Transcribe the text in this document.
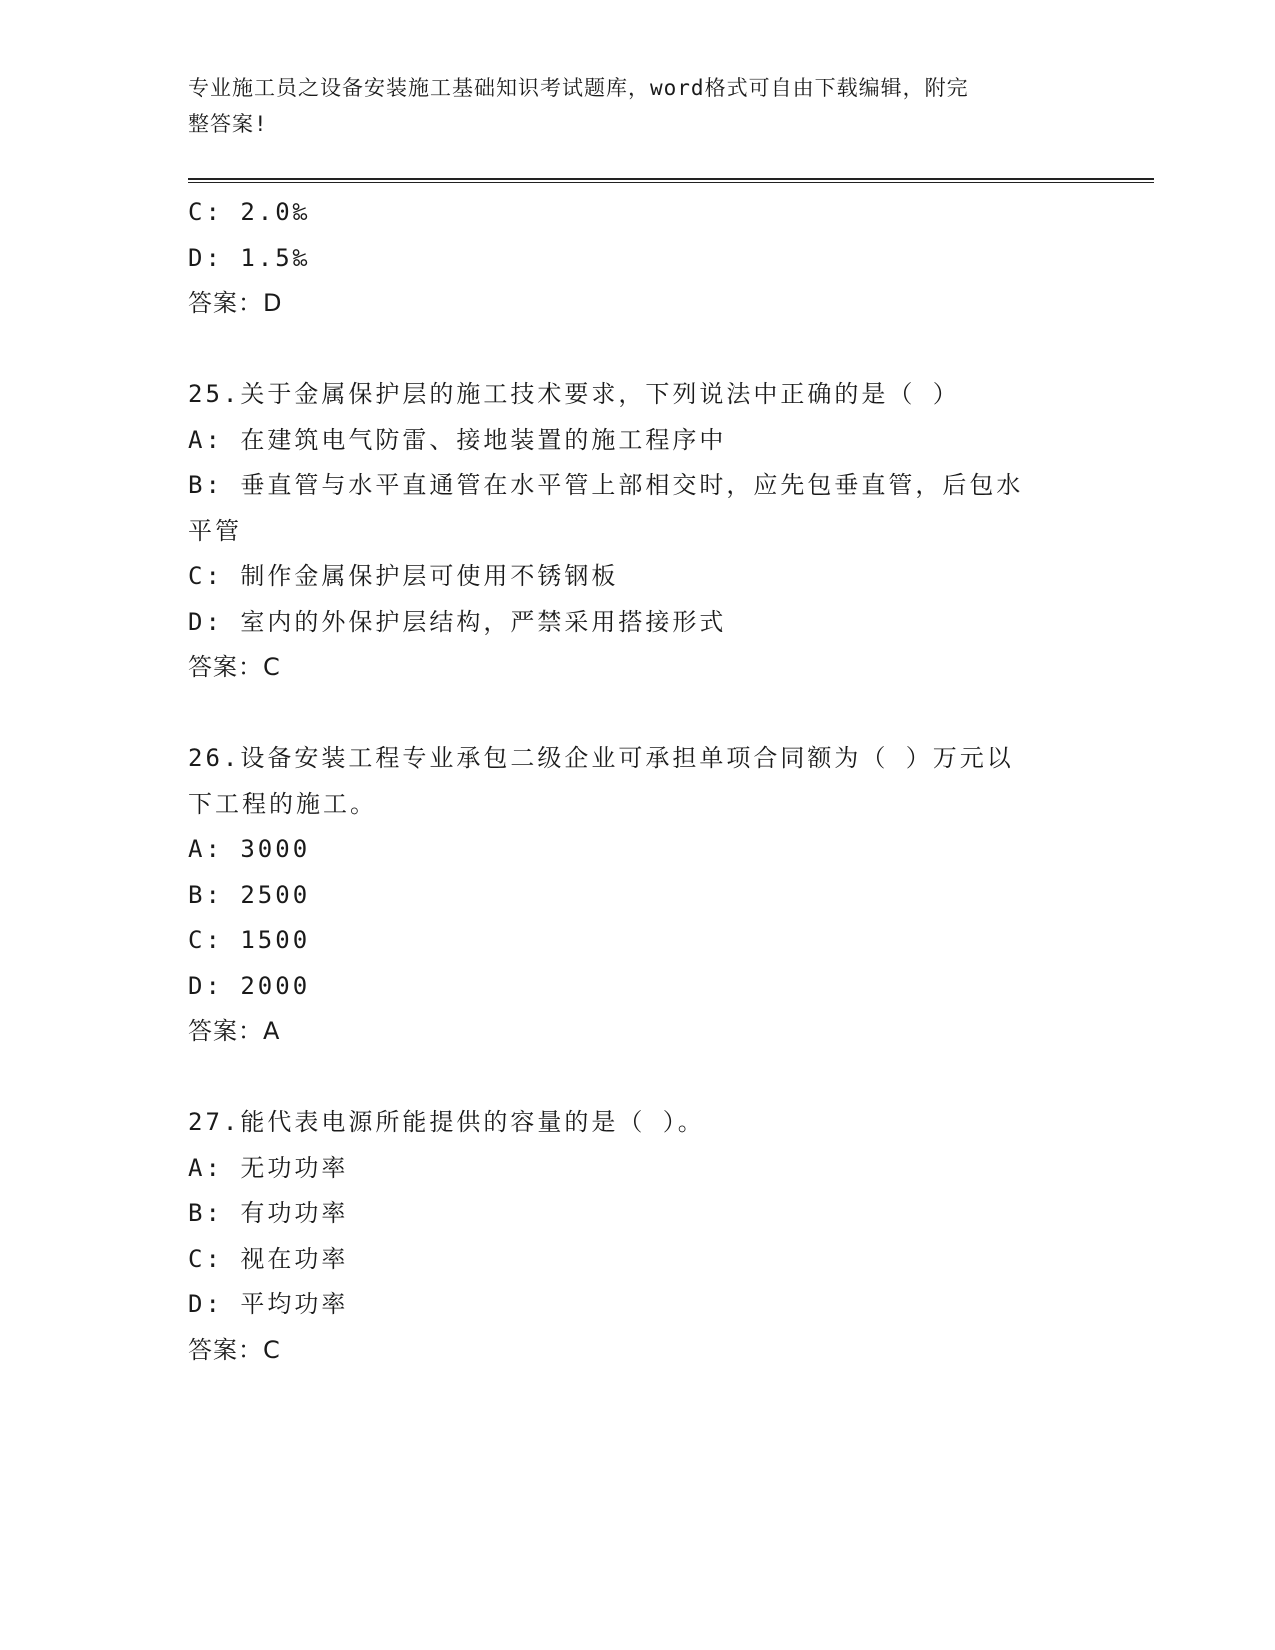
专业施工员之设备安装施工基础知识考试题库，word格式可自由下载编辑，附完
整答案!
C: 2.0‰
D: 1.5‰
答案：D
25.关于金属保护层的施工技术要求，下列说法中正确的是（ ）
A: 在建筑电气防雷、接地装置的施工程序中
B: 垂直管与水平直通管在水平管上部相交时，应先包垂直管，后包水
平管
C: 制作金属保护层可使用不锈钢板
D: 室内的外保护层结构，严禁采用搭接形式
答案：C
26.设备安装工程专业承包二级企业可承担单项合同额为（ ）万元以
下工程的施工。
A: 3000
B: 2500
C: 1500
D: 2000
答案：A
27.能代表电源所能提供的容量的是（ ）。
A: 无功功率
B: 有功功率
C: 视在功率
D: 平均功率
答案：C
